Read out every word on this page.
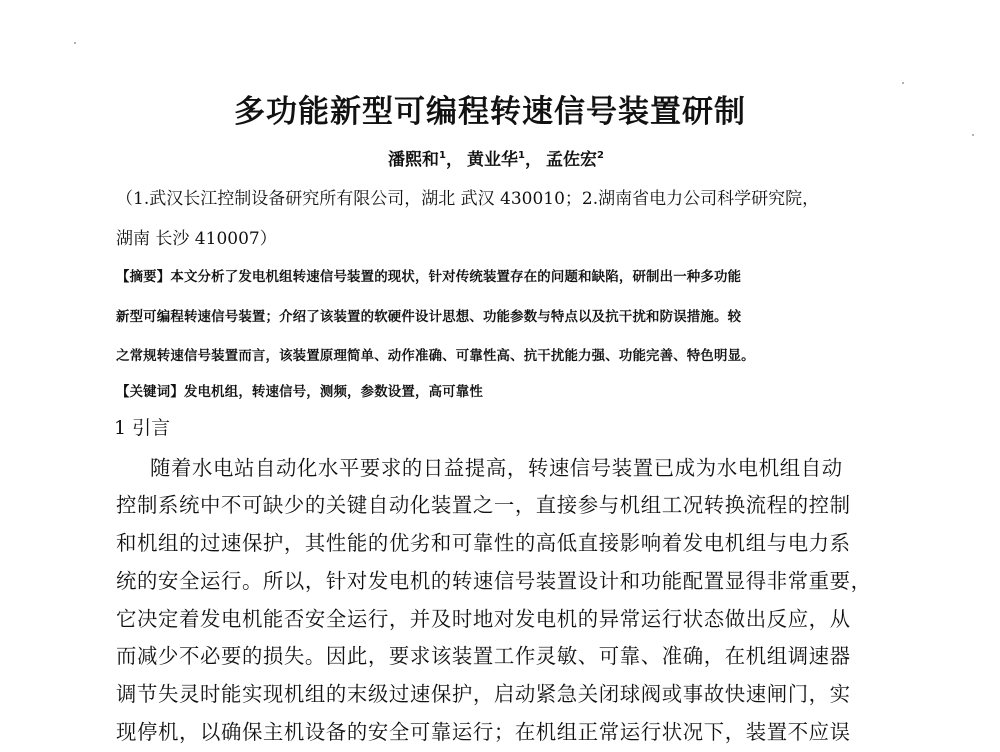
多功能新型可编程转速信号装置研制
潘熙和$^1$， 黄业华$^1$， 孟佐宏$^2$
（1.武汉长江控制设备研究所有限公司，湖北 武汉 430010；2.湖南省电力公司科学研究院，
湖南 长沙 410007）
【摘要】本文分析了发电机组转速信号装置的现状，针对传统装置存在的问题和缺陷，研制出一种多功能
新型可编程转速信号装置；介绍了该装置的软硬件设计思想、功能参数与特点以及抗干扰和防误措施。较
之常规转速信号装置而言，该装置原理简单、动作准确、可靠性高、抗干扰能力强、功能完善、特色明显。
【关键词】发电机组，转速信号，测频，参数设置，高可靠性
1 引言
随着水电站自动化水平要求的日益提高，转速信号装置已成为水电机组自动
控制系统中不可缺少的关键自动化装置之一，直接参与机组工况转换流程的控制
和机组的过速保护，其性能的优劣和可靠性的高低直接影响着发电机组与电力系
统的安全运行。所以，针对发电机的转速信号装置设计和功能配置显得非常重要，
它决定着发电机能否安全运行，并及时地对发电机的异常运行状态做出反应，从
而减少不必要的损失。因此，要求该装置工作灵敏、可靠、准确，在机组调速器
调节失灵时能实现机组的末级过速保护，启动紧急关闭球阀或事故快速闸门，实
现停机，以确保主机设备的安全可靠运行；在机组正常运行状况下，装置不应误
